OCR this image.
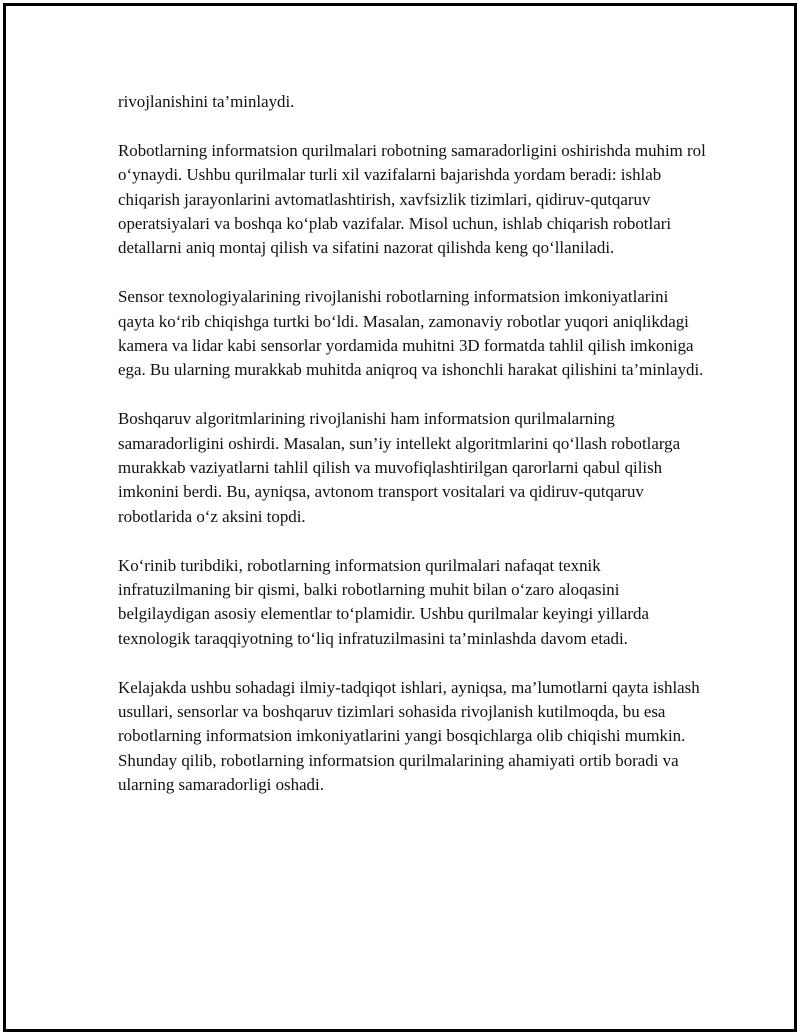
rivojlanishini ta’minlaydi.

Robotlarning informatsion qurilmalari robotning samaradorligini oshirishda muhim rol o‘ynaydi. Ushbu qurilmalar turli xil vazifalarni bajarishda yordam beradi: ishlab chiqarish jarayonlarini avtomatlashtirish, xavfsizlik tizimlari, qidiruv-qutqaruv operatsiyalari va boshqa ko‘plab vazifalar. Misol uchun, ishlab chiqarish robotlari detallarni aniq montaj qilish va sifatini nazorat qilishda keng qo‘llaniladi.

Sensor texnologiyalarining rivojlanishi robotlarning informatsion imkoniyatlarini qayta ko‘rib chiqishga turtki bo‘ldi. Masalan, zamonaviy robotlar yuqori aniqlikdagi kamera va lidar kabi sensorlar yordamida muhitni 3D formatda tahlil qilish imkoniga ega. Bu ularning murakkab muhitda aniqroq va ishonchli harakat qilishini ta’minlaydi.

Boshqaruv algoritmlarining rivojlanishi ham informatsion qurilmalarning samaradorligini oshirdi. Masalan, sun’iy intellekt algoritmlarini qo‘llash robotlarga murakkab vaziyatlarni tahlil qilish va muvofiqlashtirilgan qarorlarni qabul qilish imkonini berdi. Bu, ayniqsa, avtonom transport vositalari va qidiruv-qutqaruv robotlarida o‘z aksini topdi.

Ko‘rinib turibdiki, robotlarning informatsion qurilmalari nafaqat texnik infratuzilmaning bir qismi, balki robotlarning muhit bilan o‘zaro aloqasini belgilaydigan asosiy elementlar to‘plamidir. Ushbu qurilmalar keyingi yillarda texnologik taraqqiyotning to‘liq infratuzilmasini ta’minlashda davom etadi.

Kelajakda ushbu sohadagi ilmiy-tadqiqot ishlari, ayniqsa, ma’lumotlarni qayta ishlash usullari, sensorlar va boshqaruv tizimlari sohasida rivojlanish kutilmoqda, bu esa robotlarning informatsion imkoniyatlarini yangi bosqichlarga olib chiqishi mumkin. Shunday qilib, robotlarning informatsion qurilmalarining ahamiyati ortib boradi va ularning samaradorligi oshadi.
